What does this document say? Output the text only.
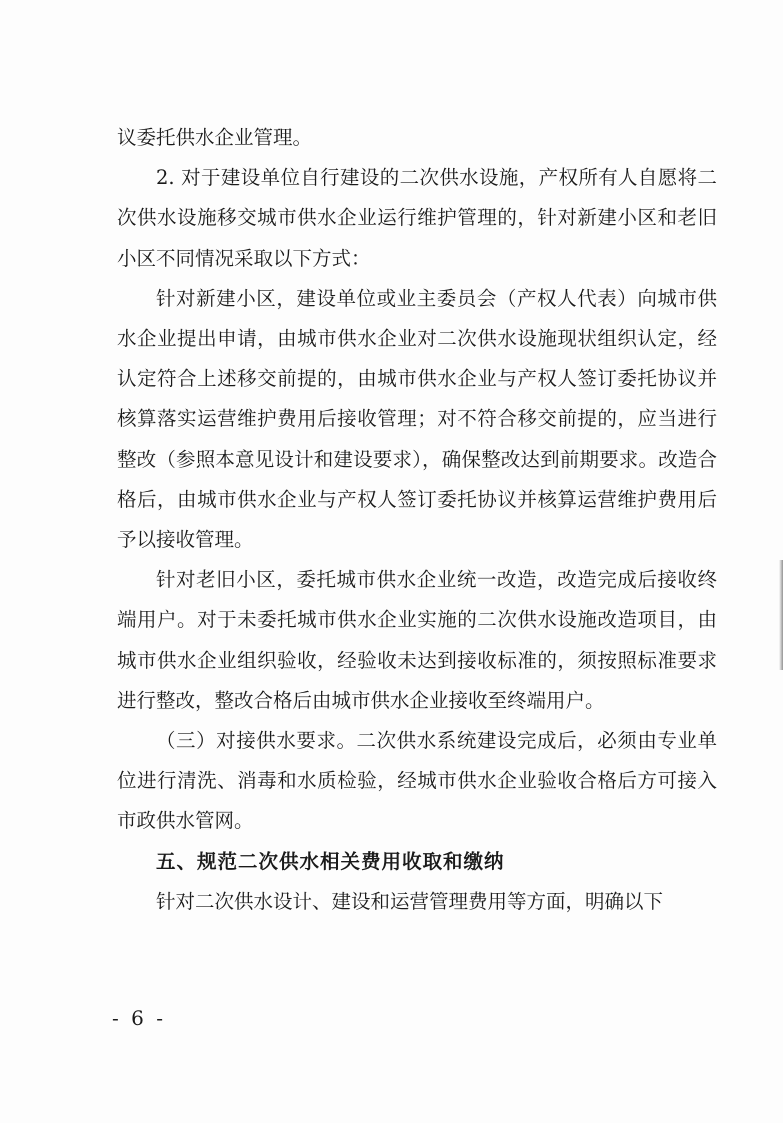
议委托供水企业管理。

2. 对于建设单位自行建设的二次供水设施，产权所有人自愿将二次供水设施移交城市供水企业运行维护管理的，针对新建小区和老旧小区不同情况采取以下方式：

针对新建小区，建设单位或业主委员会（产权人代表）向城市供水企业提出申请，由城市供水企业对二次供水设施现状组织认定，经认定符合上述移交前提的，由城市供水企业与产权人签订委托协议并核算落实运营维护费用后接收管理；对不符合移交前提的，应当进行整改（参照本意见设计和建设要求），确保整改达到前期要求。改造合格后，由城市供水企业与产权人签订委托协议并核算运营维护费用后予以接收管理。

针对老旧小区，委托城市供水企业统一改造，改造完成后接收终端用户。对于未委托城市供水企业实施的二次供水设施改造项目，由城市供水企业组织验收，经验收未达到接收标准的，须按照标准要求进行整改，整改合格后由城市供水企业接收至终端用户。

（三）对接供水要求。二次供水系统建设完成后，必须由专业单位进行清洗、消毒和水质检验，经城市供水企业验收合格后方可接入市政供水管网。

五、规范二次供水相关费用收取和缴纳

针对二次供水设计、建设和运营管理费用等方面，明确以下

- 6 -
